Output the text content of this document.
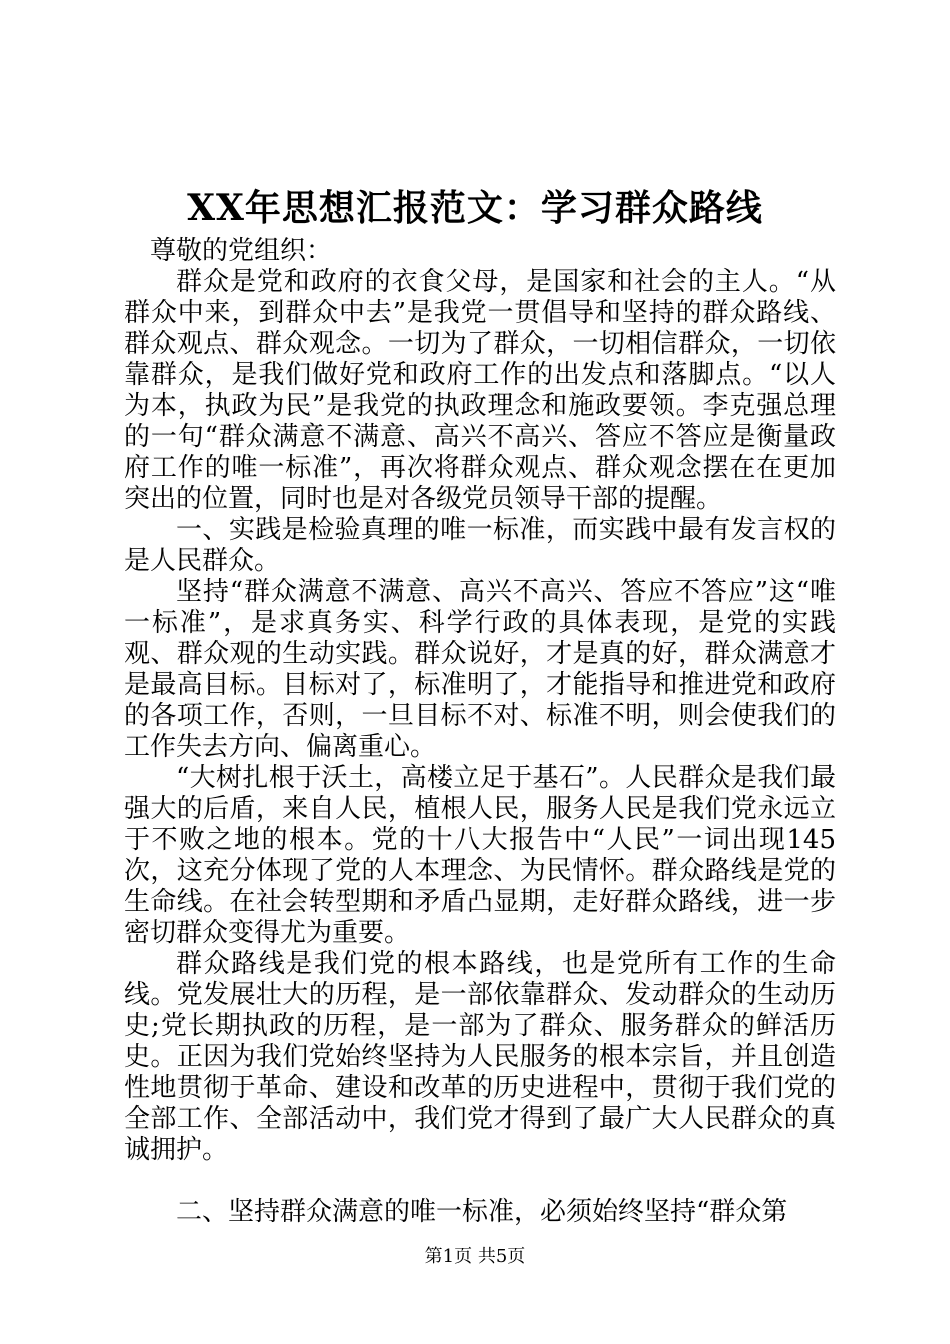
XX年思想汇报范文：学习群众路线

尊敬的党组织：

群众是党和政府的衣食父母，是国家和社会的主人。“从群众中来，到群众中去”是我党一贯倡导和坚持的群众路线、群众观点、群众观念。一切为了群众，一切相信群众，一切依靠群众，是我们做好党和政府工作的出发点和落脚点。“以人为本，执政为民”是我党的执政理念和施政要领。李克强总理的一句“群众满意不满意、高兴不高兴、答应不答应是衡量政府工作的唯一标准”，再次将群众观点、群众观念摆在在更加突出的位置，同时也是对各级党员领导干部的提醒。

一、实践是检验真理的唯一标准，而实践中最有发言权的是人民群众。

坚持“群众满意不满意、高兴不高兴、答应不答应”这“唯一标准”，是求真务实、科学行政的具体表现，是党的实践观、群众观的生动实践。群众说好，才是真的好，群众满意才是最高目标。目标对了，标准明了，才能指导和推进党和政府的各项工作，否则，一旦目标不对、标准不明，则会使我们的工作失去方向、偏离重心。

“大树扎根于沃土，高楼立足于基石”。人民群众是我们最强大的后盾，来自人民，植根人民，服务人民是我们党永远立于不败之地的根本。党的十八大报告中“人民”一词出现145次，这充分体现了党的人本理念、为民情怀。群众路线是党的生命线。在社会转型期和矛盾凸显期，走好群众路线，进一步密切群众变得尤为重要。

群众路线是我们党的根本路线，也是党所有工作的生命线。党发展壮大的历程，是一部依靠群众、发动群众的生动历史;党长期执政的历程，是一部为了群众、服务群众的鲜活历史。正因为我们党始终坚持为人民服务的根本宗旨，并且创造性地贯彻于革命、建设和改革的历史进程中，贯彻于我们党的全部工作、全部活动中，我们党才得到了最广大人民群众的真诚拥护。

二、坚持群众满意的唯一标准，必须始终坚持“群众第

第1页 共5页
